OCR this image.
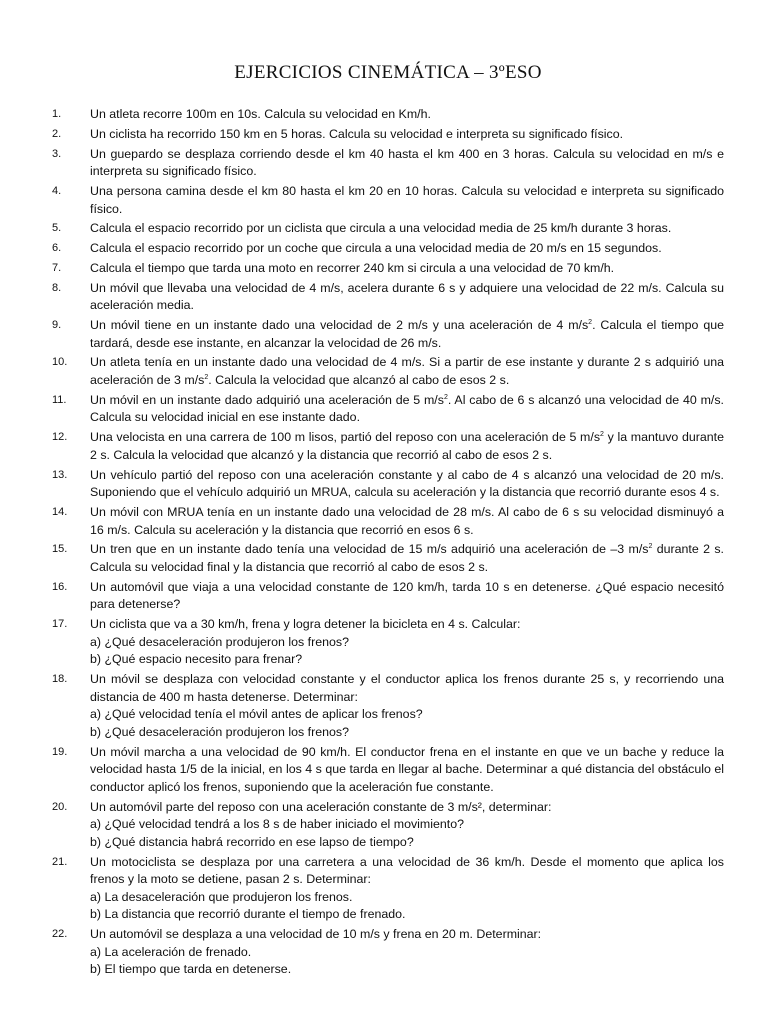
EJERCICIOS CINEMÁTICA – 3ºESO
1. Un atleta recorre 100m en 10s. Calcula su velocidad en Km/h.
2. Un ciclista ha recorrido 150 km en 5 horas. Calcula su velocidad e interpreta su significado físico.
3. Un guepardo se desplaza corriendo desde el km 40 hasta el km 400 en 3 horas. Calcula su velocidad en m/s e interpreta su significado físico.
4. Una persona camina desde el km 80 hasta el km 20 en 10 horas. Calcula su velocidad e interpreta su significado físico.
5. Calcula el espacio recorrido por un ciclista que circula a una velocidad media de 25 km/h durante 3 horas.
6. Calcula el espacio recorrido por un coche que circula a una velocidad media de 20 m/s en 15 segundos.
7. Calcula el tiempo que tarda una moto en recorrer 240 km si circula a una velocidad de 70 km/h.
8. Un móvil que llevaba una velocidad de 4 m/s, acelera durante 6 s y adquiere una velocidad de 22 m/s. Calcula su aceleración media.
9. Un móvil tiene en un instante dado una velocidad de 2 m/s y una aceleración de 4 $m/s^2$. Calcula el tiempo que tardará, desde ese instante, en alcanzar la velocidad de 26 m/s.
10. Un atleta tenía en un instante dado una velocidad de 4 m/s. Si a partir de ese instante y durante 2 s adquirió una aceleración de 3 $m/s^2$. Calcula la velocidad que alcanzó al cabo de esos 2 s.
11. Un móvil en un instante dado adquirió una aceleración de 5 $m/s^2$. Al cabo de 6 s alcanzó una velocidad de 40 m/s. Calcula su velocidad inicial en ese instante dado.
12. Una velocista en una carrera de 100 m lisos, partió del reposo con una aceleración de 5 $m/s^2$ y la mantuvo durante 2 s. Calcula la velocidad que alcanzó y la distancia que recorrió al cabo de esos 2 s.
13. Un vehículo partió del reposo con una aceleración constante y al cabo de 4 s alcanzó una velocidad de 20 m/s. Suponiendo que el vehículo adquirió un MRUA, calcula su aceleración y la distancia que recorrió durante esos 4 s.
14. Un móvil con MRUA tenía en un instante dado una velocidad de 28 m/s. Al cabo de 6 s su velocidad disminuyó a 16 m/s. Calcula su aceleración y la distancia que recorrió en esos 6 s.
15. Un tren que en un instante dado tenía una velocidad de 15 m/s adquirió una aceleración de –3 $m/s^2$ durante 2 s. Calcula su velocidad final y la distancia que recorrió al cabo de esos 2 s.
16. Un automóvil que viaja a una velocidad constante de 120 km/h, tarda 10 s en detenerse. ¿Qué espacio necesitó para detenerse?
17. Un ciclista que va a 30 km/h, frena y logra detener la bicicleta en 4 s. Calcular:
a) ¿Qué desaceleración produjeron los frenos?
b) ¿Qué espacio necesito para frenar?
18. Un móvil se desplaza con velocidad constante y el conductor aplica los frenos durante 25 s, y recorriendo una distancia de 400 m hasta detenerse. Determinar:
a) ¿Qué velocidad tenía el móvil antes de aplicar los frenos?
b) ¿Qué desaceleración produjeron los frenos?
19. Un móvil marcha a una velocidad de 90 km/h. El conductor frena en el instante en que ve un bache y reduce la velocidad hasta 1/5 de la inicial, en los 4 s que tarda en llegar al bache. Determinar a qué distancia del obstáculo el conductor aplicó los frenos, suponiendo que la aceleración fue constante.
20. Un automóvil parte del reposo con una aceleración constante de 3 m/s², determinar:
a) ¿Qué velocidad tendrá a los 8 s de haber iniciado el movimiento?
b) ¿Qué distancia habrá recorrido en ese lapso de tiempo?
21. Un motociclista se desplaza por una carretera a una velocidad de 36 km/h. Desde el momento que aplica los frenos y la moto se detiene, pasan 2 s. Determinar:
a) La desaceleración que produjeron los frenos.
b) La distancia que recorrió durante el tiempo de frenado.
22. Un automóvil se desplaza a una velocidad de 10 m/s y frena en 20 m. Determinar:
a) La aceleración de frenado.
b) El tiempo que tarda en detenerse.
